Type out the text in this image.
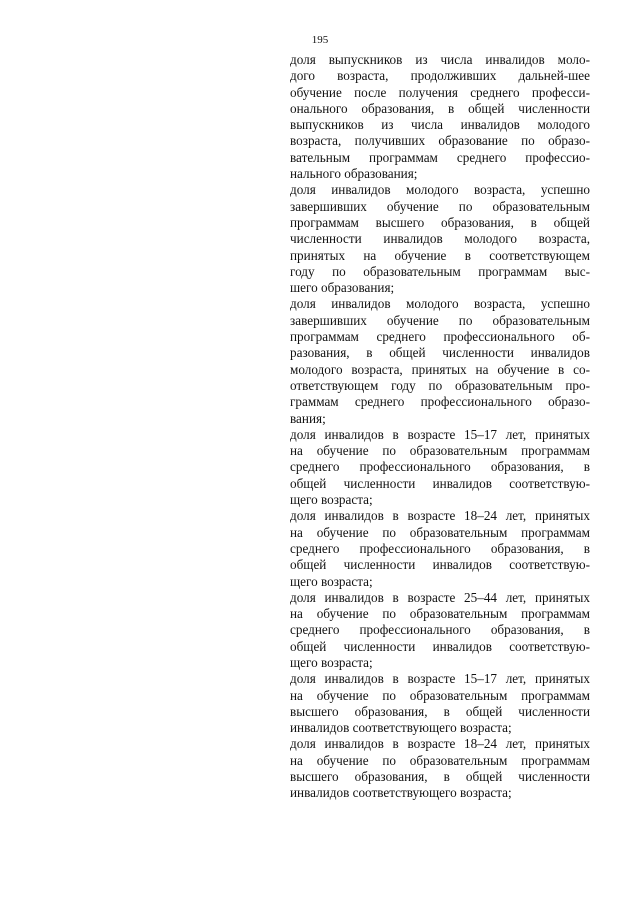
195

доля выпускников из числа инвалидов моло-
дого возраста, продолживших дальней-шее
обучение после получения среднего професси-
онального образования, в общей численности
выпускников из числа инвалидов молодого
возраста, получивших образование по образо-
вательным программам среднего профессио-
нального образования;

доля инвалидов молодого возраста, успешно
завершивших обучение по образовательным
программам высшего образования, в общей
численности инвалидов молодого возраста,
принятых на обучение в соответствующем
году по образовательным программам выс-
шего образования;

доля инвалидов молодого возраста, успешно
завершивших обучение по образовательным
программам среднего профессионального об-
разования, в общей численности инвалидов
молодого возраста, принятых на обучение в со-
ответствующем году по образовательным про-
граммам среднего профессионального образо-
вания;

доля инвалидов в возрасте 15–17 лет, принятых
на обучение по образовательным программам
среднего профессионального образования, в
общей численности инвалидов соответствую-
щего возраста;

доля инвалидов в возрасте 18–24 лет, принятых
на обучение по образовательным программам
среднего профессионального образования, в
общей численности инвалидов соответствую-
щего возраста;

доля инвалидов в возрасте 25–44 лет, принятых
на обучение по образовательным программам
среднего профессионального образования, в
общей численности инвалидов соответствую-
щего возраста;

доля инвалидов в возрасте 15–17 лет, принятых
на обучение по образовательным программам
высшего образования, в общей численности
инвалидов соответствующего возраста;

доля инвалидов в возрасте 18–24 лет, принятых
на обучение по образовательным программам
высшего образования, в общей численности
инвалидов соответствующего возраста;
